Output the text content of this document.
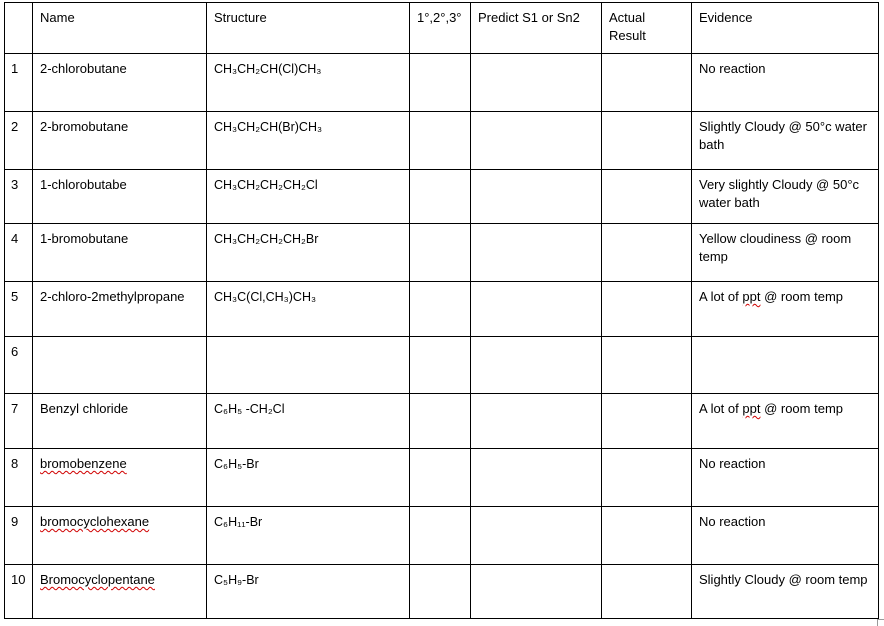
	Name	Structure	1°,2°,3°	Predict S1 or Sn2	Actual Result	Evidence
1	2-chlorobutane	CH₃CH₂CH(Cl)CH₃				No reaction
2	2-bromobutane	CH₃CH₂CH(Br)CH₃				Slightly Cloudy @ 50°c water bath
3	1-chlorobutabe	CH₃CH₂CH₂CH₂Cl				Very slightly Cloudy @ 50°c water bath
4	1-bromobutane	CH₃CH₂CH₂CH₂Br				Yellow cloudiness @ room temp
5	2-chloro-2methylpropane	CH₃C(Cl,CH₃)CH₃				A lot of ppt @ room temp
6						
7	Benzyl chloride	C₆H₅ -CH₂Cl				A lot of ppt @ room temp
8	bromobenzene	C₆H₅-Br				No reaction
9	bromocyclohexane	C₆H₁₁-Br				No reaction
10	Bromocyclopentane	C₅H₉-Br				Slightly Cloudy @ room temp
